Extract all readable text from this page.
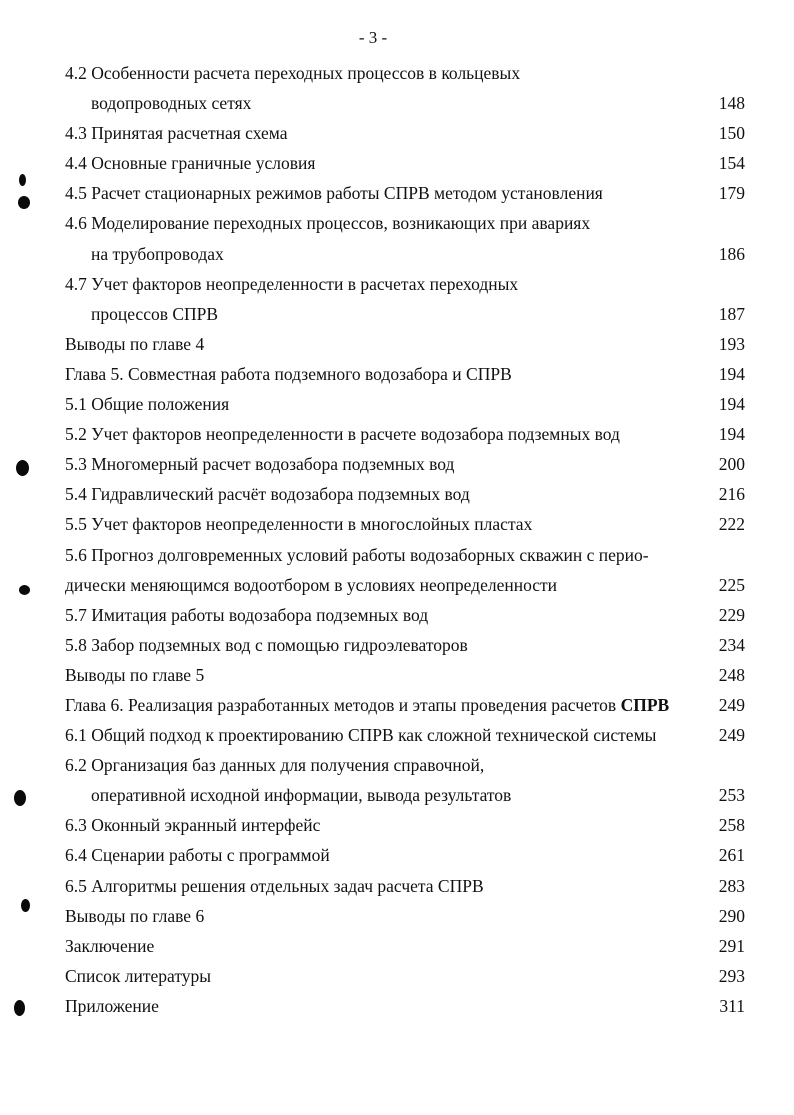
- 3 -
4.2 Особенности расчета переходных процессов в кольцевых
водопроводных сетях	148
4.3 Принятая расчетная схема	150
4.4 Основные граничные условия	154
4.5 Расчет стационарных режимов работы СПРВ методом установления	179
4.6 Моделирование переходных процессов, возникающих при авариях
на трубопроводах	186
4.7 Учет факторов неопределенности в расчетах переходных
процессов СПРВ	187
Выводы по главе 4	193
Глава 5. Совместная работа подземного водозабора и СПРВ	194
5.1 Общие положения	194
5.2 Учет факторов неопределенности в расчете водозабора подземных вод	194
5.3 Многомерный расчет водозабора подземных вод	200
5.4 Гидравлический расчёт водозабора подземных вод	216
5.5 Учет факторов неопределенности в многослойных пластах	222
5.6 Прогноз долговременных условий работы водозаборных скважин с перио-
дически меняющимся водоотбором в условиях неопределенности	225
5.7 Имитация работы водозабора подземных вод	229
5.8 Забор подземных вод с помощью гидроэлеваторов	234
Выводы по главе 5	248
Глава 6. Реализация разработанных методов и этапы проведения расчетов СПРВ	249
6.1 Общий подход к проектированию СПРВ как сложной технической системы	249
6.2 Организация баз данных для получения справочной,
оперативной исходной информации, вывода результатов	253
6.3 Оконный экранный интерфейс	258
6.4 Сценарии работы с программой	261
6.5 Алгоритмы решения отдельных задач расчета СПРВ	283
Выводы по главе 6	290
Заключение	291
Список литературы	293
Приложение	311
